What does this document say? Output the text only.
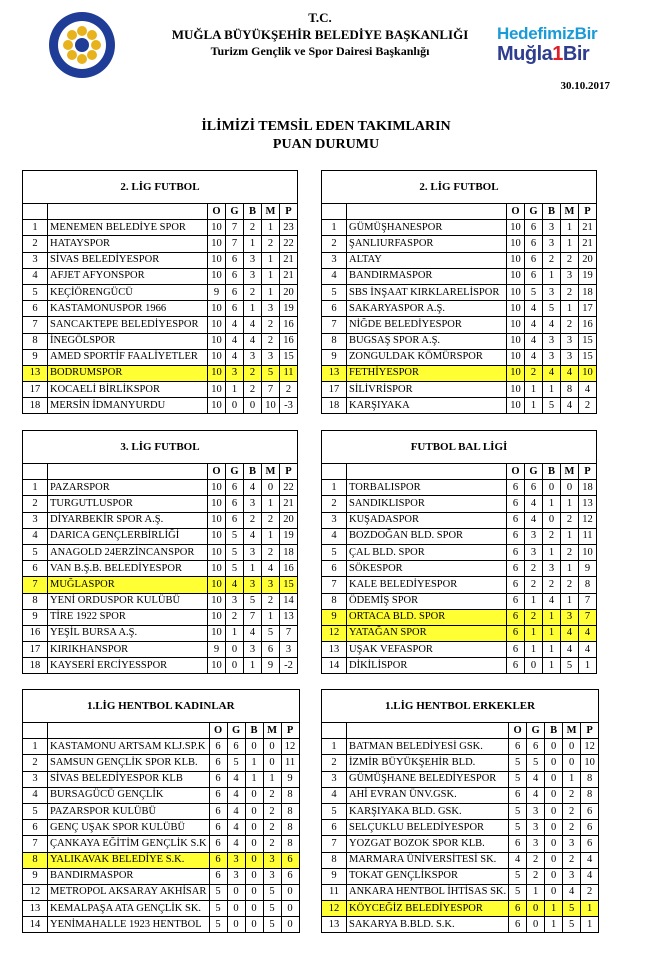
T.C.
MUĞLA BÜYÜKŞEHİR BELEDİYE BAŞKANLIĞI
Turizm Gençlik ve Spor Dairesi Başkanlığı
HedefimizBir
Muğla1Bir
30.10.2017
İLİMİZİ TEMSİL EDEN TAKIMLARIN
PUAN DURUMU
2. LİG FUTBOL						
		O	G	B	M	P
1	MENEMEN BELEDİYE SPOR	10	7	2	1	23
2	HATAYSPOR	10	7	1	2	22
3	SİVAS BELEDİYESPOR	10	6	3	1	21
4	AFJET AFYONSPOR	10	6	3	1	21
5	KEÇİÖRENGÜCÜ	9	6	2	1	20
6	KASTAMONUSPOR 1966	10	6	1	3	19
7	SANCAKTEPE BELEDİYESPOR	10	4	4	2	16
8	İNEGÖLSPOR	10	4	4	2	16
9	AMED SPORTİF FAALİYETLER	10	4	3	3	15
13	BODRUMSPOR	10	3	2	5	11
17	KOCAELİ BİRLİKSPOR	10	1	2	7	2
18	MERSİN İDMANYURDU	10	0	0	10	-3
2. LİG FUTBOL						
		O	G	B	M	P
1	GÜMÜŞHANESPOR	10	6	3	1	21
2	ŞANLIURFASPOR	10	6	3	1	21
3	ALTAY	10	6	2	2	20
4	BANDIRMASPOR	10	6	1	3	19
5	SBS İNŞAAT KIRKLARELİSPOR	10	5	3	2	18
6	SAKARYASPOR A.Ş.	10	4	5	1	17
7	NİĞDE BELEDİYESPOR	10	4	4	2	16
8	BUGSAŞ SPOR A.Ş.	10	4	3	3	15
9	ZONGULDAK KÖMÜRSPOR	10	4	3	3	15
13	FETHİYESPOR	10	2	4	4	10
17	SİLİVRİSPOR	10	1	1	8	4
18	KARŞIYAKA	10	1	5	4	2
3. LİG FUTBOL						
		O	G	B	M	P
1	PAZARSPOR	10	6	4	0	22
2	TURGUTLUSPOR	10	6	3	1	21
3	DİYARBEKİR SPOR A.Ş.	10	6	2	2	20
4	DARICA GENÇLERBİRLİĞİ	10	5	4	1	19
5	ANAGOLD 24ERZİNCANSPOR	10	5	3	2	18
6	VAN B.Ş.B. BELEDİYESPOR	10	5	1	4	16
7	MUĞLASPOR	10	4	3	3	15
8	YENİ ORDUSPOR KULÜBÜ	10	3	5	2	14
9	TİRE 1922 SPOR	10	2	7	1	13
16	YEŞİL BURSA A.Ş.	10	1	4	5	7
17	KIRIKHANSPOR	9	0	3	6	3
18	KAYSERİ ERCİYESSPOR	10	0	1	9	-2
FUTBOL BAL LİGİ						
		O	G	B	M	P
1	TORBALISPOR	6	6	0	0	18
2	SANDIKLISPOR	6	4	1	1	13
3	KUŞADASPOR	6	4	0	2	12
4	BOZDOĞAN BLD. SPOR	6	3	2	1	11
5	ÇAL BLD. SPOR	6	3	1	2	10
6	SÖKESPOR	6	2	3	1	9
7	KALE BELEDİYESPOR	6	2	2	2	8
8	ÖDEMİŞ SPOR	6	1	4	1	7
9	ORTACA BLD. SPOR	6	2	1	3	7
12	YATAĞAN SPOR	6	1	1	4	4
13	UŞAK VEFASPOR	6	1	1	4	4
14	DİKİLİSPOR	6	0	1	5	1
1.LİG HENTBOL KADINLAR						
		O	G	B	M	P
1	KASTAMONU ARTSAM KLJ.SP.K	6	6	0	0	12
2	SAMSUN GENÇLİK SPOR KLB.	6	5	1	0	11
3	SİVAS BELEDİYESPOR KLB	6	4	1	1	9
4	BURSAGÜCÜ GENÇLİK	6	4	0	2	8
5	PAZARSPOR KULÜBÜ	6	4	0	2	8
6	GENÇ UŞAK SPOR KULÜBÜ	6	4	0	2	8
7	ÇANKAYA EĞİTİM GENÇLİK S.K	6	4	0	2	8
8	YALIKAVAK BELEDİYE S.K.	6	3	0	3	6
9	BANDIRMASPOR	6	3	0	3	6
12	METROPOL AKSARAY AKHİSAR	5	0	0	5	0
13	KEMALPAŞA ATA GENÇLİK SK.	5	0	0	5	0
14	YENİMAHALLE 1923 HENTBOL	5	0	0	5	0
1.LİG HENTBOL ERKEKLER						
		O	G	B	M	P
1	BATMAN BELEDİYESİ GSK.	6	6	0	0	12
2	İZMİR BÜYÜKŞEHİR BLD.	5	5	0	0	10
3	GÜMÜŞHANE BELEDİYESPOR	5	4	0	1	8
4	AHİ EVRAN ÜNV.GSK.	6	4	0	2	8
5	KARŞIYAKA BLD. GSK.	5	3	0	2	6
6	SELÇUKLU BELEDİYESPOR	5	3	0	2	6
7	YOZGAT BOZOK SPOR KLB.	6	3	0	3	6
8	MARMARA ÜNİVERSİTESİ SK.	4	2	0	2	4
9	TOKAT GENÇLİKSPOR	5	2	0	3	4
11	ANKARA HENTBOL İHTİSAS SK.	5	1	0	4	2
12	KÖYCEĞİZ BELEDİYESPOR	6	0	1	5	1
13	SAKARYA B.BLD. S.K.	6	0	1	5	1
